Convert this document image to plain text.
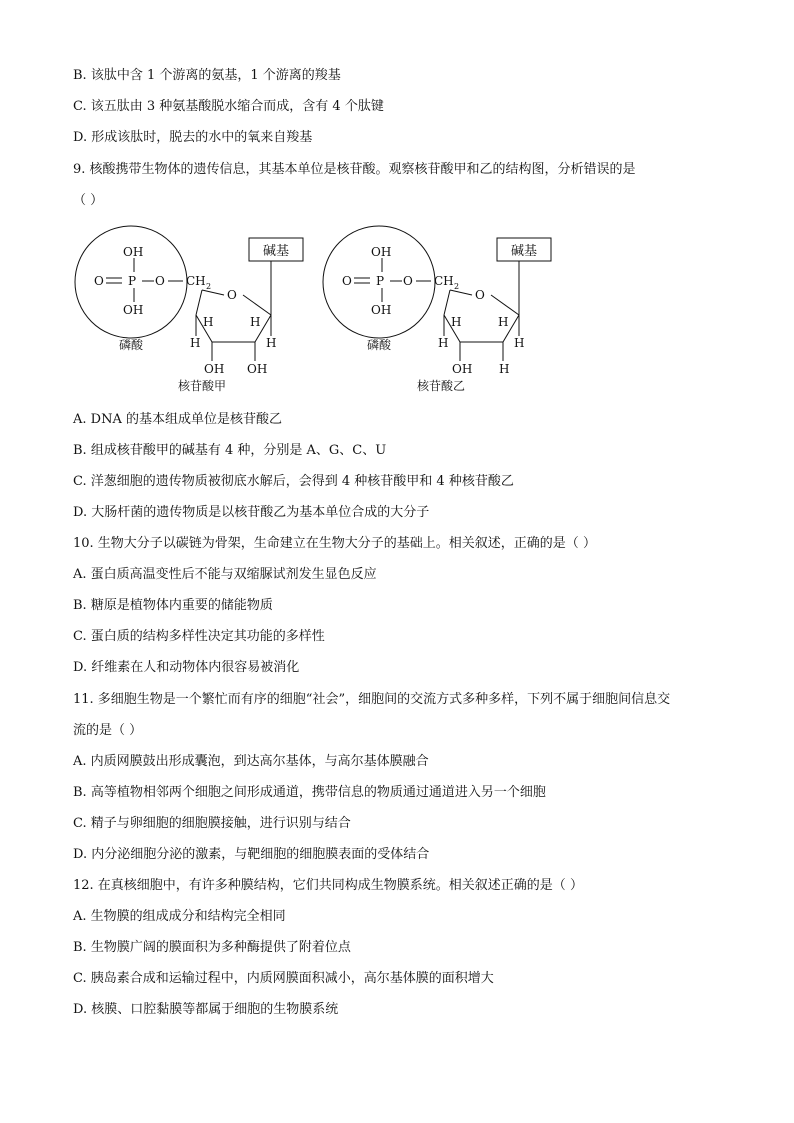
B. 该肽中含 1 个游离的氨基，1 个游离的羧基
C. 该五肽由 3 种氨基酸脱水缩合而成，含有 4 个肽键
D. 形成该肽时，脱去的水中的氧来自羧基
9. 核酸携带生物体的遗传信息，其基本单位是核苷酸。观察核苷酸甲和乙的结构图，分析错误的是
（ ）
A. DNA 的基本组成单位是核苷酸乙
B. 组成核苷酸甲的碱基有 4 种，分别是 A、G、C、U
C. 洋葱细胞的遗传物质被彻底水解后，会得到 4 种核苷酸甲和 4 种核苷酸乙
D. 大肠杆菌的遗传物质是以核苷酸乙为基本单位合成的大分子
10. 生物大分子以碳链为骨架，生命建立在生物大分子的基础上。相关叙述，正确的是（ ）
A. 蛋白质高温变性后不能与双缩脲试剂发生显色反应
B. 糖原是植物体内重要的储能物质
C. 蛋白质的结构多样性决定其功能的多样性
D. 纤维素在人和动物体内很容易被消化
11. 多细胞生物是一个繁忙而有序的细胞“社会”，细胞间的交流方式多种多样，下列不属于细胞间信息交
流的是（ ）
A. 内质网膜鼓出形成囊泡，到达高尔基体，与高尔基体膜融合
B. 高等植物相邻两个细胞之间形成通道，携带信息的物质通过通道进入另一个细胞
C. 精子与卵细胞的细胞膜接触，进行识别与结合
D. 内分泌细胞分泌的激素，与靶细胞的细胞膜表面的受体结合
12. 在真核细胞中，有许多种膜结构，它们共同构成生物膜系统。相关叙述正确的是（ ）
A. 生物膜的组成成分和结构完全相同
B. 生物膜广阔的膜面积为多种酶提供了附着位点
C. 胰岛素合成和运输过程中，内质网膜面积减小，高尔基体膜的面积增大
D. 核膜、口腔黏膜等都属于细胞的生物膜系统
OH
O P O
OH
CH 2
O
H	H
H	H
OH OH
碱基
磷酸
核苷酸甲
OH
O P O
OH
CH 2
O
H	H
H	H
OH H
碱基
磷酸
核苷酸乙
